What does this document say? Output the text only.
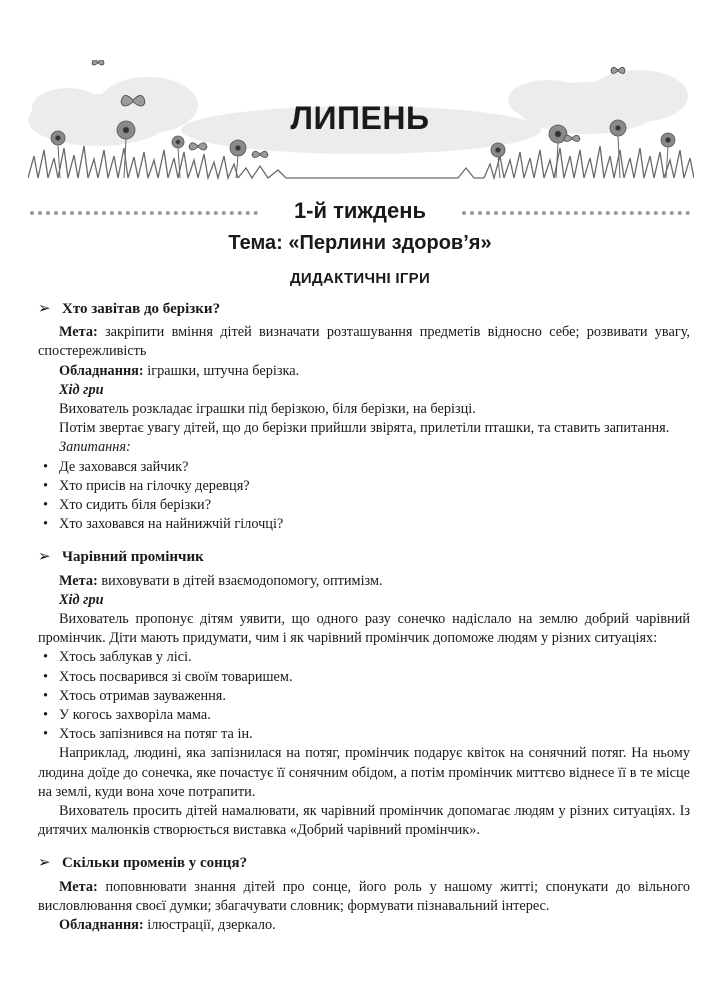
ЛИПЕНЬ
1-й тиждень
Тема: «Перлини здоров’я»
ДИДАКТИЧНІ ІГРИ
➢ Хто завітав до берізки?

Мета: закріпити вміння дітей визначати розташування предметів відносно себе; розвивати увагу, спостережливість

Обладнання: іграшки, штучна берізка.

Хід гри

Вихователь розкладає іграшки під берізкою, біля берізки, на берізці.

Потім звертає увагу дітей, що до берізки прийшли звірята, прилетіли пташки, та ставить запитання.

Запитання:

• Де заховався зайчик?
• Хто присів на гілочку деревця?
• Хто сидить біля берізки?
• Хто заховався на найнижчій гілочці?
➢ Чарівний промінчик

Мета: виховувати в дітей взаємодопомогу, оптимізм.

Хід гри

Вихователь пропонує дітям уявити, що одного разу сонечко надіслало на землю добрий чарівний промінчик. Діти мають придумати, чим і як чарівний промінчик допоможе людям у різних ситуаціях:

• Хтось заблукав у лісі.
• Хтось посварився зі своїм товаришем.
• Хтось отримав зауваження.
• У когось захворіла мама.
• Хтось запізнився на потяг та ін.

Наприклад, людині, яка запізнилася на потяг, промінчик подарує квіток на сонячний потяг. На ньому людина доїде до сонечка, яке почастує її сонячним обідом, а потім промінчик миттєво віднесе її в те місце на землі, куди вона хоче потрапити.

Вихователь просить дітей намалювати, як чарівний промінчик допомагає людям у різних ситуаціях. Із дитячих малюнків створюється виставка «Добрий чарівний промінчик».

➢ Скільки променів у сонця?

Мета: поповнювати знання дітей про сонце, його роль у нашому житті; спонукати до вільного висловлювання своєї думки; збагачувати словник; формувати пізнавальний інтерес.

Обладнання: ілюстрації, дзеркало.
